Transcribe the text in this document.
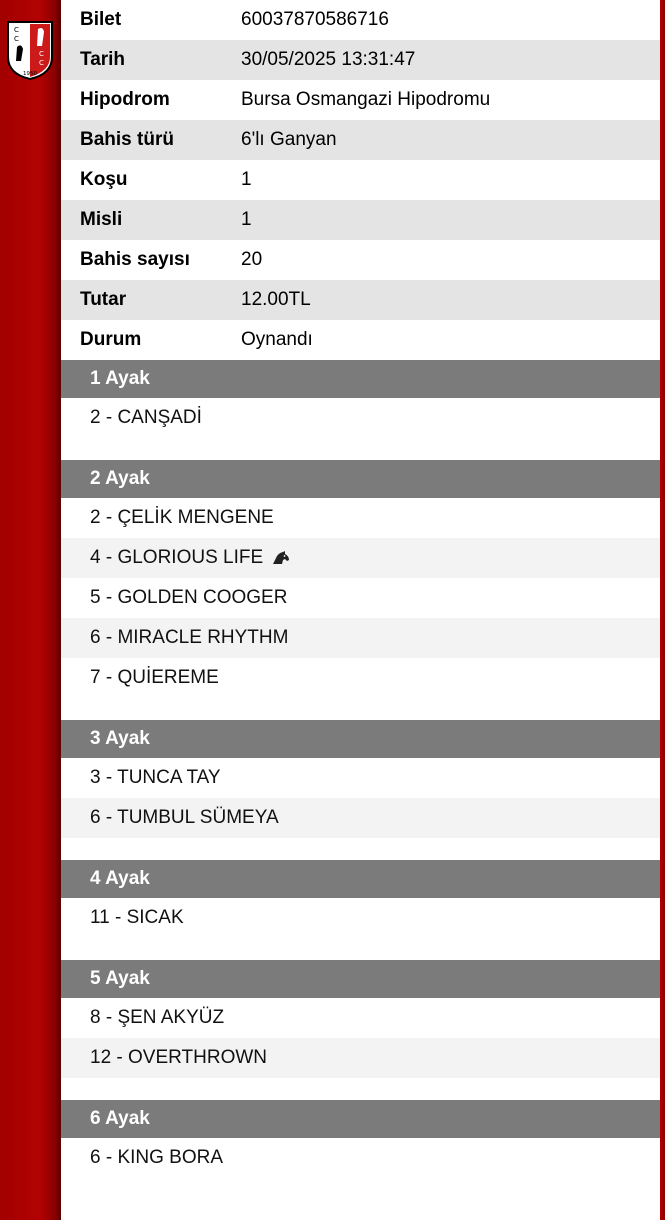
C
C
C
C
1950
Bilet	60037870586716
Tarih	30/05/2025 13:31:47
Hipodrom	Bursa Osmangazi Hipodromu
Bahis türü	6'lı Ganyan
Koşu	1
Misli	1
Bahis sayısı	20
Tutar	12.00TL
Durum	Oynandı
1 Ayak
2 - CANŞADİ
2 Ayak
2 - ÇELİK MENGENE
4 - GLORIOUS LIFE
5 - GOLDEN COOGER
6 - MIRACLE RHYTHM
7 - QUİEREME
3 Ayak
3 - TUNCA TAY
6 - TUMBUL SÜMEYA
4 Ayak
11 - SICAK
5 Ayak
8 - ŞEN AKYÜZ
12 - OVERTHROWN
6 Ayak
6 - KING BORA
